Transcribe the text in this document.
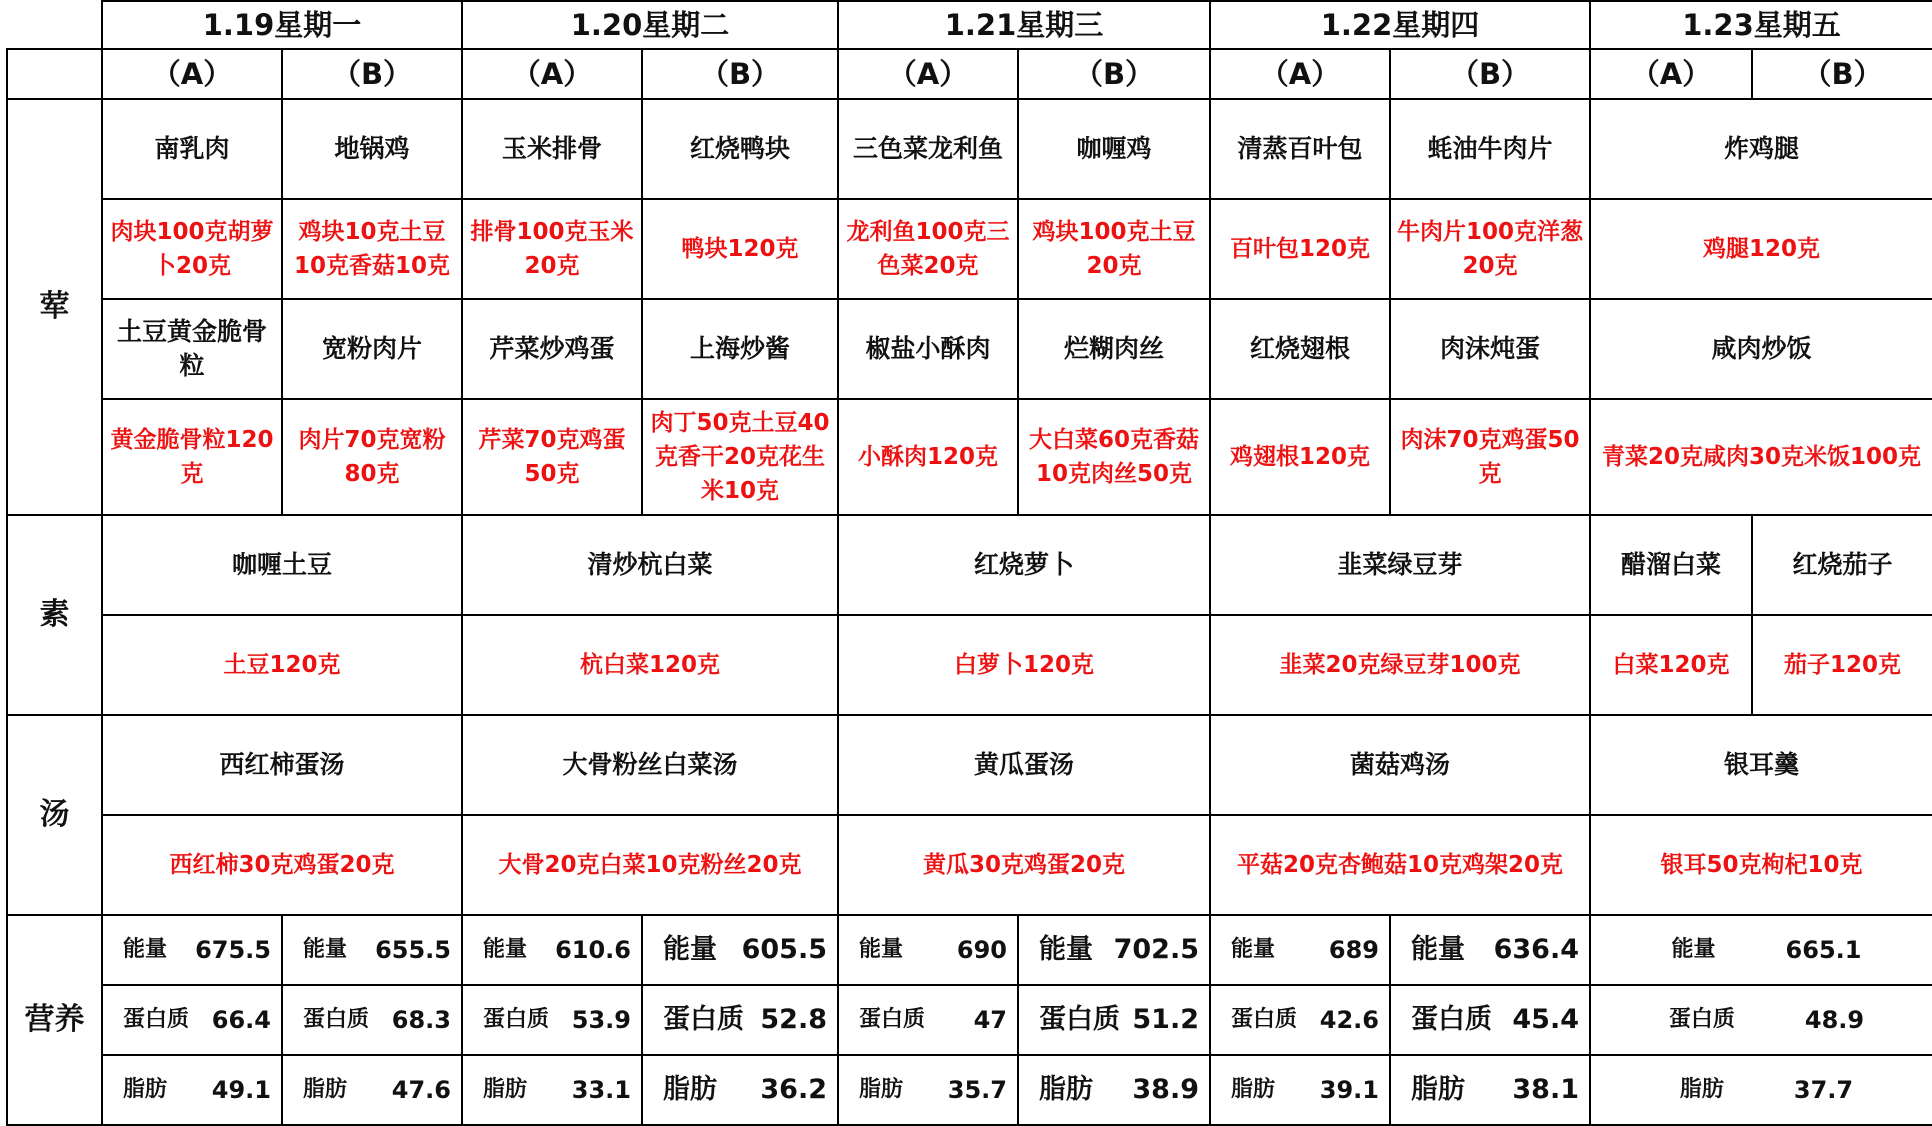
	1.19星期一		1.20星期二		1.21星期三		1.22星期四		1.23星期五	
	（A）	（B）	（A）	（B）	（A）	（B）	（A）	（B）	（A）	（B）
荤	南乳肉	地锅鸡	玉米排骨	红烧鸭块	三色菜龙利鱼	咖喱鸡	清蒸百叶包	蚝油牛肉片	炸鸡腿	
	肉块100克胡萝卜20克	鸡块10克土豆10克香菇10克	排骨100克玉米20克	鸭块120克	龙利鱼100克三色菜20克	鸡块100克土豆20克	百叶包120克	牛肉片100克洋葱20克	鸡腿120克	
	土豆黄金脆骨粒	宽粉肉片	芹菜炒鸡蛋	上海炒酱	椒盐小酥肉	烂糊肉丝	红烧翅根	肉沫炖蛋	咸肉炒饭	
	黄金脆骨粒120克	肉片70克宽粉80克	芹菜70克鸡蛋50克	肉丁50克土豆40克香干20克花生米10克	小酥肉120克	大白菜60克香菇10克肉丝50克	鸡翅根120克	肉沫70克鸡蛋50克	青菜20克咸肉30克米饭100克	
素	咖喱土豆		清炒杭白菜		红烧萝卜		韭菜绿豆芽		醋溜白菜	红烧茄子
	土豆120克		杭白菜120克		白萝卜120克		韭菜20克绿豆芽100克		白菜120克	茄子120克
汤	西红柿蛋汤		大骨粉丝白菜汤		黄瓜蛋汤		菌菇鸡汤		银耳羹	
	西红柿30克鸡蛋20克		大骨20克白菜10克粉丝20克		黄瓜30克鸡蛋20克		平菇20克杏鲍菇10克鸡架20克		银耳50克枸杞10克	
营养	能量 675.5	能量 655.5	能量 610.6	能量 605.5	能量 690	能量 702.5	能量 689	能量 636.4	能量 665.1	

	蛋白质 66.4	蛋白质 68.3	蛋白质 53.9	蛋白质 52.8	蛋白质 47	蛋白质 51.2	蛋白质 42.6	蛋白质 45.4	蛋白质 48.9	

	脂肪 49.1	脂肪 47.6	脂肪 33.1	脂肪 36.2	脂肪 35.7	脂肪 38.9	脂肪 39.1	脂肪 38.1	脂肪 37.7	
